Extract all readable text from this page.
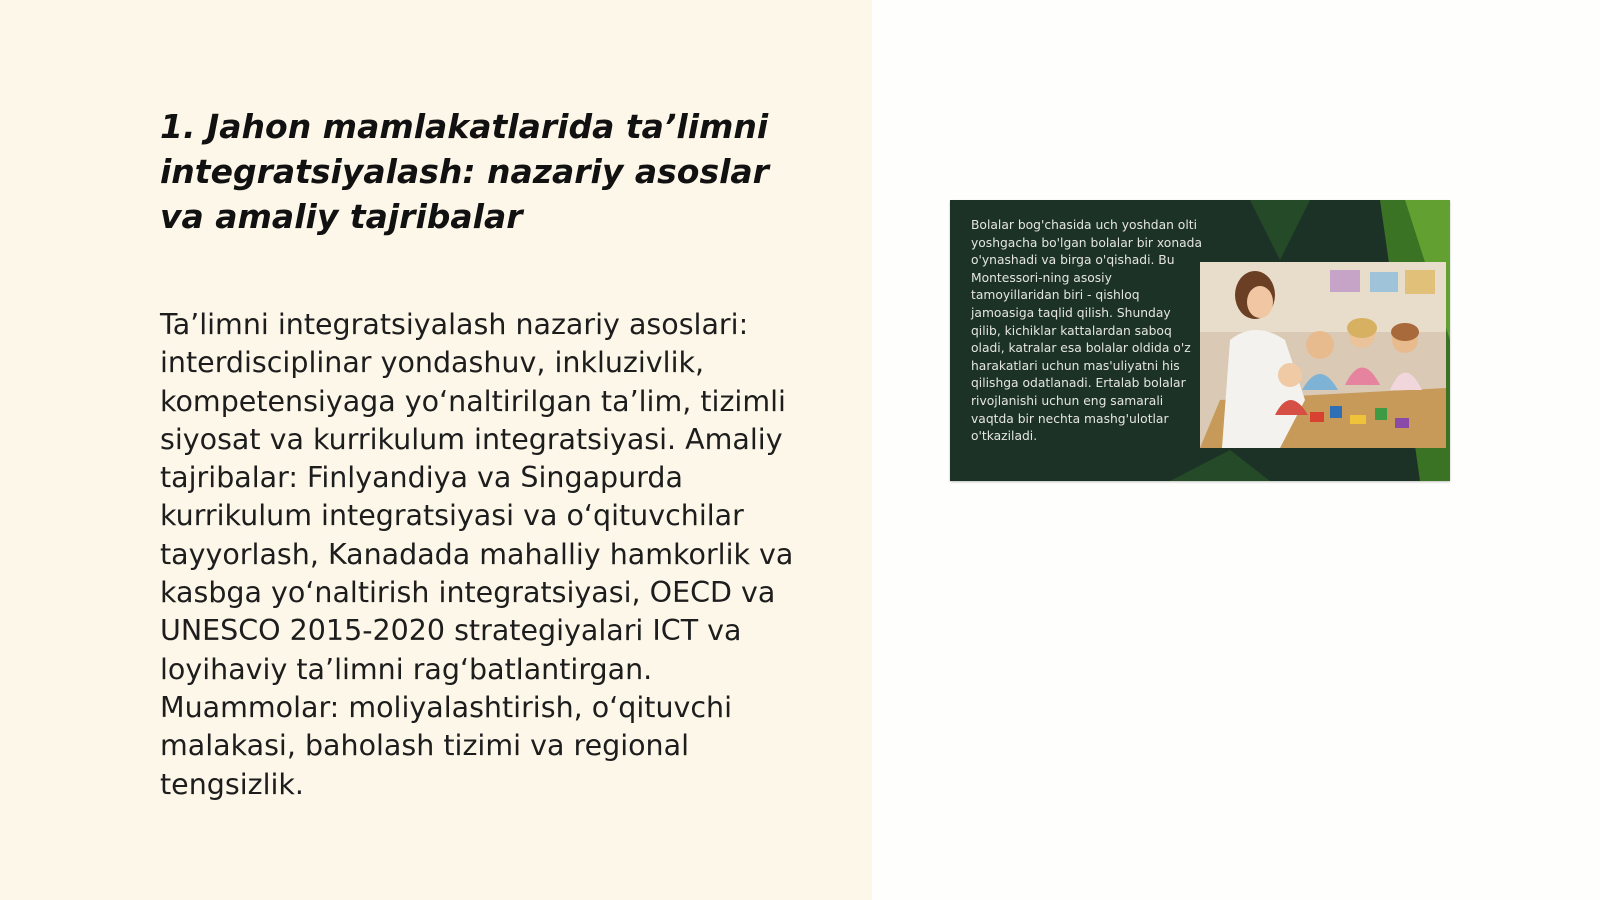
1. Jahon mamlakatlarida ta’limni integratsiyalash: nazariy asoslar va amaliy tajribalar

Ta’limni integratsiyalash nazariy asoslari: interdisciplinar yondashuv, inkluzivlik, kompetensiyaga yo‘naltirilgan ta’lim, tizimli siyosat va kurrikulum integratsiyasi. Amaliy tajribalar: Finlyandiya va Singapurda kurrikulum integratsiyasi va o‘qituvchilar tayyorlash, Kanadada mahalliy hamkorlik va kasbga yo‘naltirish integratsiyasi, OECD va UNESCO 2015-2020 strategiyalari ICT va loyihaviy ta’limni rag‘batlantirgan. Muammolar: moliyalashtirish, o‘qituvchi malakasi, baholash tizimi va regional tengsizlik.

Bolalar bog'chasida uch yoshdan olti yoshgacha bo'lgan bolalar bir xonada o'ynashadi va birga o'qishadi. Bu Montessori-ning asosiy tamoyillaridan biri - qishloq jamoasiga taqlid qilish. Shunday qilib, kichiklar kattalardan saboq oladi, katralar esa bolalar oldida o'z harakatlari uchun mas'uliyatni his qilishga odatlanadi. Ertalab bolalar rivojlanishi uchun eng samarali vaqtda bir nechta mashg'ulotlar o'tkaziladi.
